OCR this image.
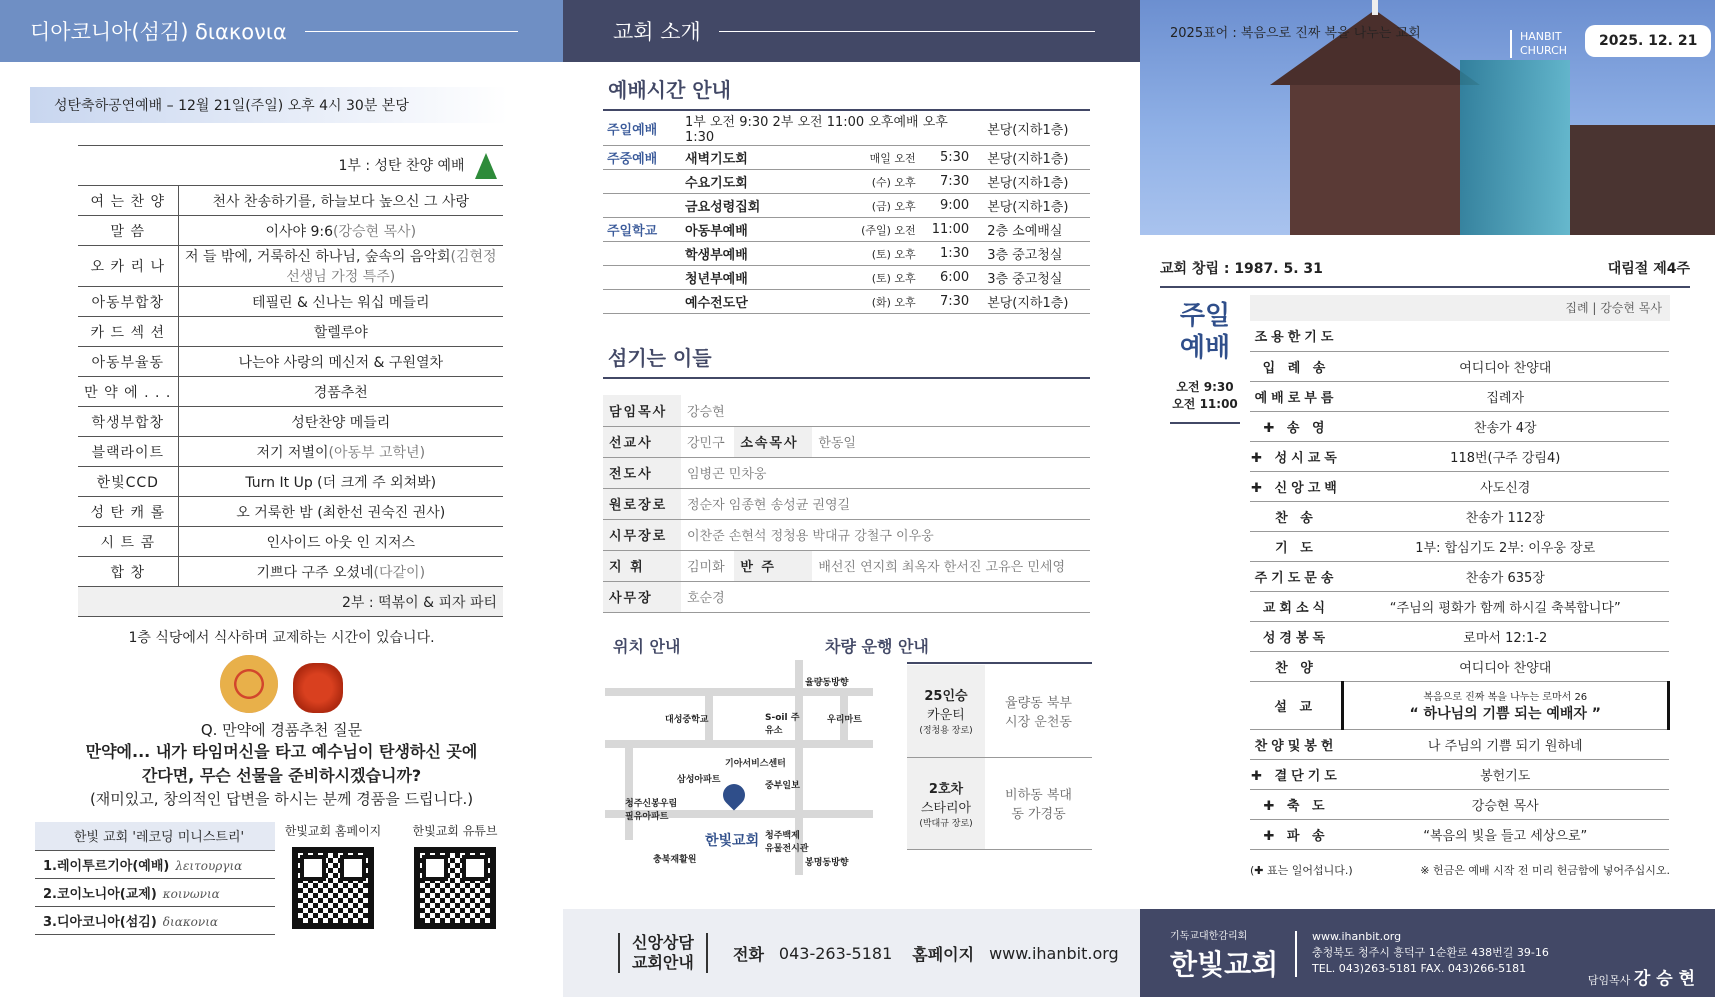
디아코니아(섬김) διακονια
성탄축하공연예배 – 12월 21일(주일) 오후 4시 30분 본당
1부 : 성탄 찬양 예배	
여 는 찬 양	천사 찬송하기를, 하늘보다 높으신 그 사랑
말 씀	이사야 9:6(강승현 목사)
오 카 리 나	저 들 밖에, 거룩하신 하나님, 숲속의 음악회(김현정 선생님 가정 특주)
아동부합창	테필린 & 신나는 워십 메들리
카 드 섹 션	할렐루야
아동부율동	나는야 사랑의 메신저 & 구원열차
만 약 에 . . .	경품추천
학생부합창	성탄찬양 메들리
블랙라이트	저기 저별이(아동부 고학년)
한빛CCD	Turn It Up (더 크게 주 외쳐봐)
성 탄 캐 롤	오 거룩한 밤 (최한선 권숙진 권사)
시 트 콤	인사이드 아웃 인 지저스
합 창	기쁘다 구주 오셨네(다같이)
2부 : 떡볶이 & 피자 파티	
1층 식당에서 식사하며 교제하는 시간이 있습니다.

Q. 만약에 경품추천 질문
만약에... 내가 타임머신을 타고 예수님이 탄생하신 곳에
간다면, 무슨 선물을 준비하시겠습니까?
(재미있고, 창의적인 답변을 하시는 분께 경품을 드립니다.)
한빛 교회 '레코딩 미니스트리'
1.레이투르기아(예배) λειτουργια
2.코이노니아(교제) κοινωνια
3.디아코니아(섬김) διακονια
한빛교회 홈페이지	한빛교회 유튜브
교회 소개
예배시간 안내
주일예배	1부 오전 9:30 2부 오전 11:00 오후예배 오후 1:30			본당(지하1층)
주중예배	새벽기도회	매일 오전	5:30	본당(지하1층)
	수요기도회	(수) 오후	7:30	본당(지하1층)
	금요성령집회	(금) 오후	9:00	본당(지하1층)
주일학교	아동부예배	(주일) 오전	11:00	2층 소예배실
	학생부예배	(토) 오후	1:30	3층 중고청실
	청년부예배	(토) 오후	6:00	3층 중고청실
	예수전도단	(화) 오후	7:30	본당(지하1층)
섬기는 이들
담임목사	강승현		
선교사	강민구	소속목사	한동일
전도사	임병곤 민차웅		
원로장로	정순자 임종현 송성균 권영길		
시무장로	이찬준 손현석 정청용 박대규 강철구 이우웅		
지 휘	김미화	반 주	배선진 연지희 최옥자 한서진 고유은 민세영
사무장	호순경		
위치 안내
율량동방향
대성중학교	S-oil 주유소
우리마트
기아서비스센터
삼성아파트
중부일보
청주신봉우림 필유아파트
한빛교회 청주백제 유물전시관
충북재활원	봉명동방향
차량 운행 안내
25인승
카운티
(정청용 장로)	율량동 북부시장 운천동

2호차
스타리아
(박대규 장로)	비하동 복대동 가경동
신앙상담 교회안내	전화 043-263-5181 홈페이지 www.ihanbit.org
2025표어 : 복음으로 진짜 복을 나누는 교회	HANBIT CHURCH
2025. 12. 21
교회 창립 : 1987. 5. 31	대림절 제4주
주일 예배
오전 9:30
오전 11:00
집례 | 강승현 목사
조용한기도	
입 례 송	여디디아 찬양대
예배로부름	집례자
✚ 송 영	찬송가 4장
✚ 성시교독	118번(구주 강림4)
✚ 신앙고백	사도신경
찬 송	찬송가 112장
기 도	1부: 합심기도 2부: 이우웅 장로
주기도문송	찬송가 635장
교회소식	“주님의 평화가 함께 하시길 축복합니다”
성경봉독	로마서 12:1-2
찬 양	여디디아 찬양대
설 교	복음으로 진짜 복을 나누는 로마서 26
“ 하나님의 기쁨 되는 예배자 ”

찬양및봉헌	나 주님의 기쁨 되기 원하네
✚ 결단기도	봉헌기도
✚ 축 도	강승현 목사
✚ 파 송	“복음의 빛을 들고 세상으로”
(✚ 표는 일어섭니다.)	※ 헌금은 예배 시작 전 미리 헌금함에 넣어주십시오.
기독교대한감리회
한빛교회
www.ihanbit.org
충청북도 청주시 흥덕구 1순환로 438번길 39-16
TEL. 043)263-5181 FAX. 043)266-5181
담임목사 강 승 현
